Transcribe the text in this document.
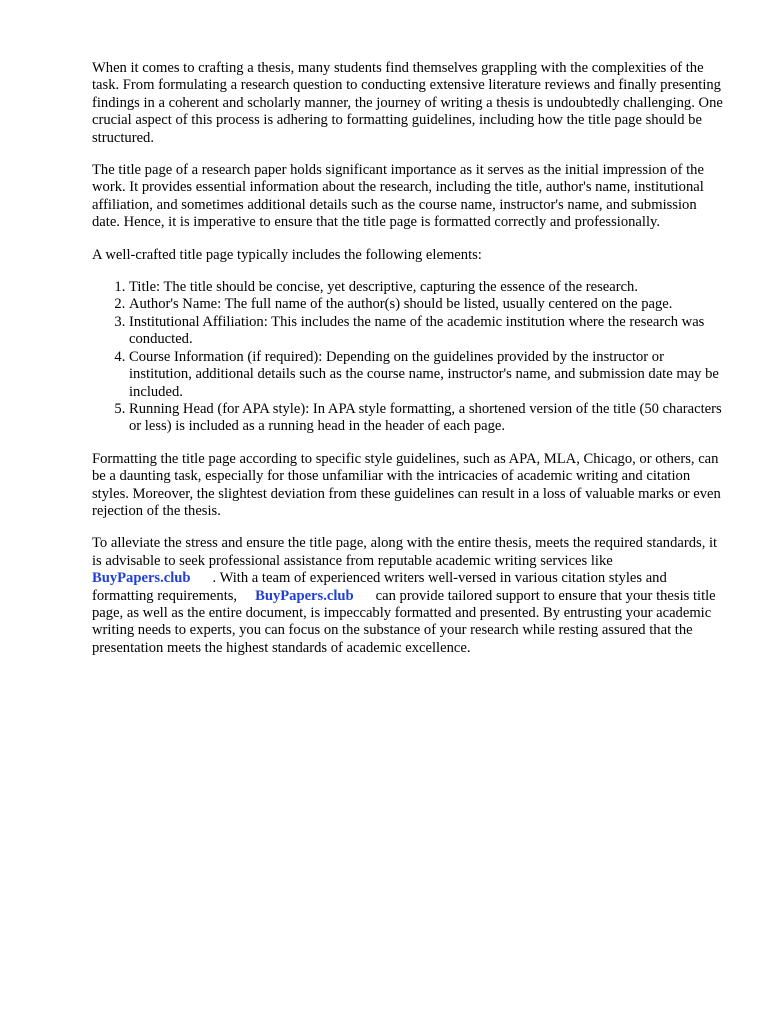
When it comes to crafting a thesis, many students find themselves grappling with the complexities of the task. From formulating a research question to conducting extensive literature reviews and finally presenting findings in a coherent and scholarly manner, the journey of writing a thesis is undoubtedly challenging. One crucial aspect of this process is adhering to formatting guidelines, including how the title page should be structured.

The title page of a research paper holds significant importance as it serves as the initial impression of the work. It provides essential information about the research, including the title, author's name, institutional affiliation, and sometimes additional details such as the course name, instructor's name, and submission date. Hence, it is imperative to ensure that the title page is formatted correctly and professionally.

A well-crafted title page typically includes the following elements:

1. Title: The title should be concise, yet descriptive, capturing the essence of the research.
2. Author's Name: The full name of the author(s) should be listed, usually centered on the page.
3. Institutional Affiliation: This includes the name of the academic institution where the research was conducted.
4. Course Information (if required): Depending on the guidelines provided by the instructor or institution, additional details such as the course name, instructor's name, and submission date may be included.
5. Running Head (for APA style): In APA style formatting, a shortened version of the title (50 characters or less) is included as a running head in the header of each page.

Formatting the title page according to specific style guidelines, such as APA, MLA, Chicago, or others, can be a daunting task, especially for those unfamiliar with the intricacies of academic writing and citation styles. Moreover, the slightest deviation from these guidelines can result in a loss of valuable marks or even rejection of the thesis.

To alleviate the stress and ensure the title page, along with the entire thesis, meets the required standards, it is advisable to seek professional assistance from reputable academic writing services likeBuyPapers.club . With a team of experienced writers well-versed in various citation styles and formatting requirements, BuyPapers.club can provide tailored support to ensure that your thesis title page, as well as the entire document, is impeccably formatted and presented. By entrusting your academic writing needs to experts, you can focus on the substance of your research while resting assured that the presentation meets the highest standards of academic excellence.
